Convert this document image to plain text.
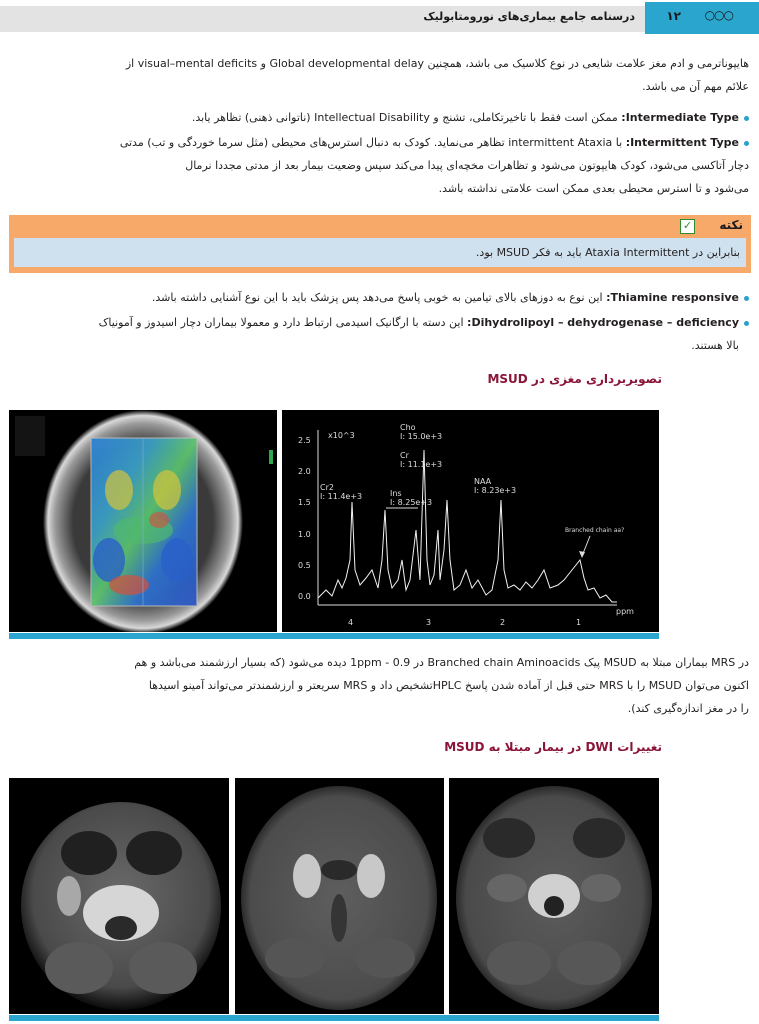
۱۲ ○○○
درسنامه جامع بیماری‌های نورومتابولیک
هایپوناترمی و ادم مغز علامت شایعی در نوع کلاسیک می باشد، همچنین Global developmental delay و visual–mental deficits از
علائم مهم آن می باشد.
Intermediate Type: ممکن است فقط با تاخیرتکاملی، تشنج و Intellectual Disability (ناتوانی ذهنی) تظاهر یابد.
Intermittent Type: با intermittent Ataxia تظاهر می‌نماید. کودک به دنبال استرس‌های محیطی (مثل سرما خوردگی و تب) مدتی
دچار آتاکسی می‌شود، کودک هایپوتون می‌شود و تظاهرات مخچه‌ای پیدا می‌کند سپس وضعیت بیمار بعد از مدتی مجددا نرمال
می‌شود و تا استرس محیطی بعدی ممکن است علامتی نداشته باشد.
✓ نکته
بنابراین در Ataxia Intermittent باید به فکر MSUD بود.
Thiamine responsive: این نوع به دوزهای بالای تیامین به خوبی پاسخ می‌دهد پس پزشک باید با این نوع آشنایی داشته باشد.
Dihydrolipoyl – dehydrogenase – deficiency: این دسته با ارگانیک اسیدمی ارتباط دارد و معمولا بیماران دچار اسیدوز و آمونیاک
بالا هستند.
تصویربرداری مغزی در MSUD
x10^3
2.5
2.0
1.5
1.0
0.5
0.0
4	3	2	1
ppm
Cho
I: 15.0e+3
Cr
I: 11.1e+3
Cr2
I: 11.4e+3	Ins
I: 8.25e+3
NAA
I: 8.23e+3
Branched chain aa?
در MRS بیماران مبتلا به MSUD پیک Branched chain Aminoacids در 0.9 - 1ppm دیده می‌شود (که بسیار ارزشمند می‌باشد و هم
اکنون می‌توان MSUD را با MRS حتی قبل از آماده شدن پاسخ HPLCتشخیص داد و MRS سریعتر و ارزشمندتر می‌تواند آمینو اسیدها
را در مغز اندازه‌گیری کند).
تغییرات DWI در بیمار مبتلا به MSUD
